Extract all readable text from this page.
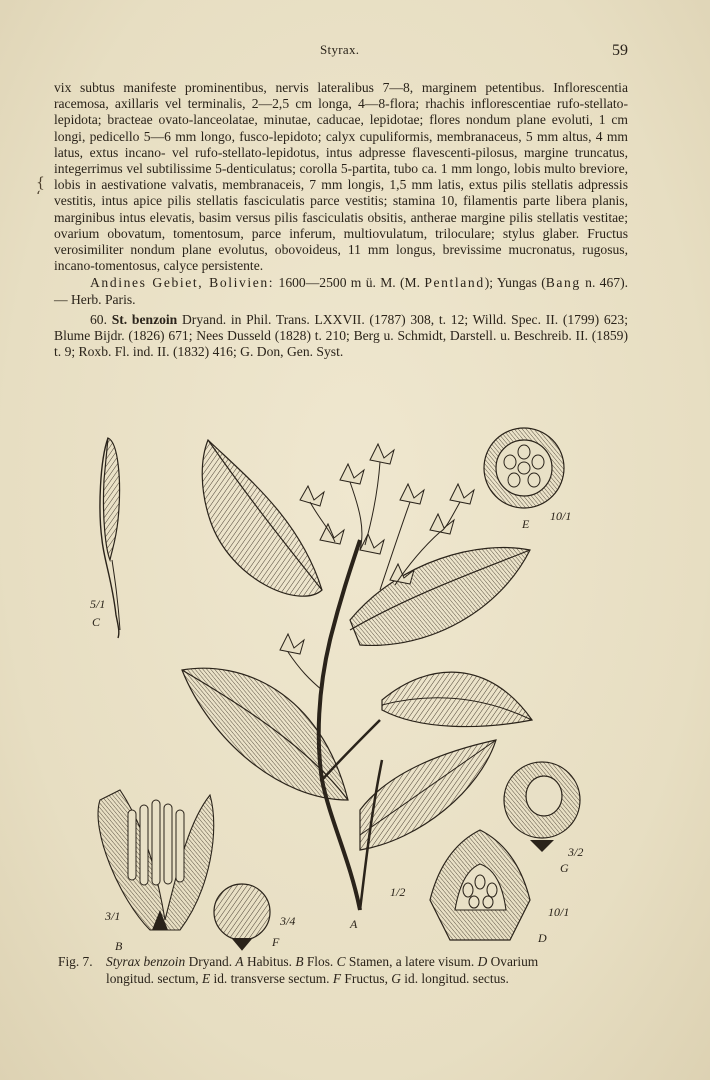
Styrax.	59
{
‘

vix subtus manifeste prominentibus, nervis lateralibus 7—8, marginem petentibus. Inflorescentia racemosa, axillaris vel terminalis, 2—2,5 cm longa, 4—8-flora; rhachis inflorescentiae rufo-stellato-lepidota; bracteae ovato-lanceolatae, minutae, caducae, lepidotae; flores nondum plane evoluti, 1 cm longi, pedicello 5—6 mm longo, fusco-lepidoto; calyx cupuliformis, membranaceus, 5 mm altus, 4 mm latus, extus incano- vel rufo-stellato-lepidotus, intus adpresse flavescenti-pilosus, margine truncatus, integerrimus vel subtilissime 5-denticulatus; corolla 5-partita, tubo ca. 1 mm longo, lobis multo breviore, lobis in aestivatione valvatis, membranaceis, 7 mm longis, 1,5 mm latis, extus pilis stellatis adpressis vestitis, intus apice pilis stellatis fasciculatis parce vestitis; stamina 10, filamentis parte libera planis, marginibus intus elevatis, basim versus pilis fasciculatis obsitis, antherae margine pilis stellatis vestitae; ovarium obovatum, tomentosum, parce inferum, multiovulatum, triloculare; stylus glaber. Fructus verosimiliter nondum plane evolutus, obovoideus, 11 mm longus, brevissime mucronatus, rugosus, incano-tomentosus, calyce persistente.

Andines Gebiet, Bolivien: 1600—2500 m ü. M. (M. Pentland); Yungas (Bang n. 467). — Herb. Paris.

60. St. benzoin Dryand. in Phil. Trans. LXXVII. (1787) 308, t. 12; Willd. Spec. II. (1799) 623; Blume Bijdr. (1826) 671; Nees Dusseld (1828) t. 210; Berg u. Schmidt, Darstell. u. Beschreib. II. (1859) t. 9; Roxb. Fl. ind. II. (1832) 416; G. Don, Gen. Syst.

5/1
C
E
10/1
1/2
A
3/1
B
3/4
F
3/2
G
10/1
D
Fig. 7. Styrax benzoin Dryand. A Habitus. B Flos. C Stamen, a latere visum. D Ovarium
longitud. sectum, E id. transverse sectum. F Fructus, G id. longitud. sectus.
